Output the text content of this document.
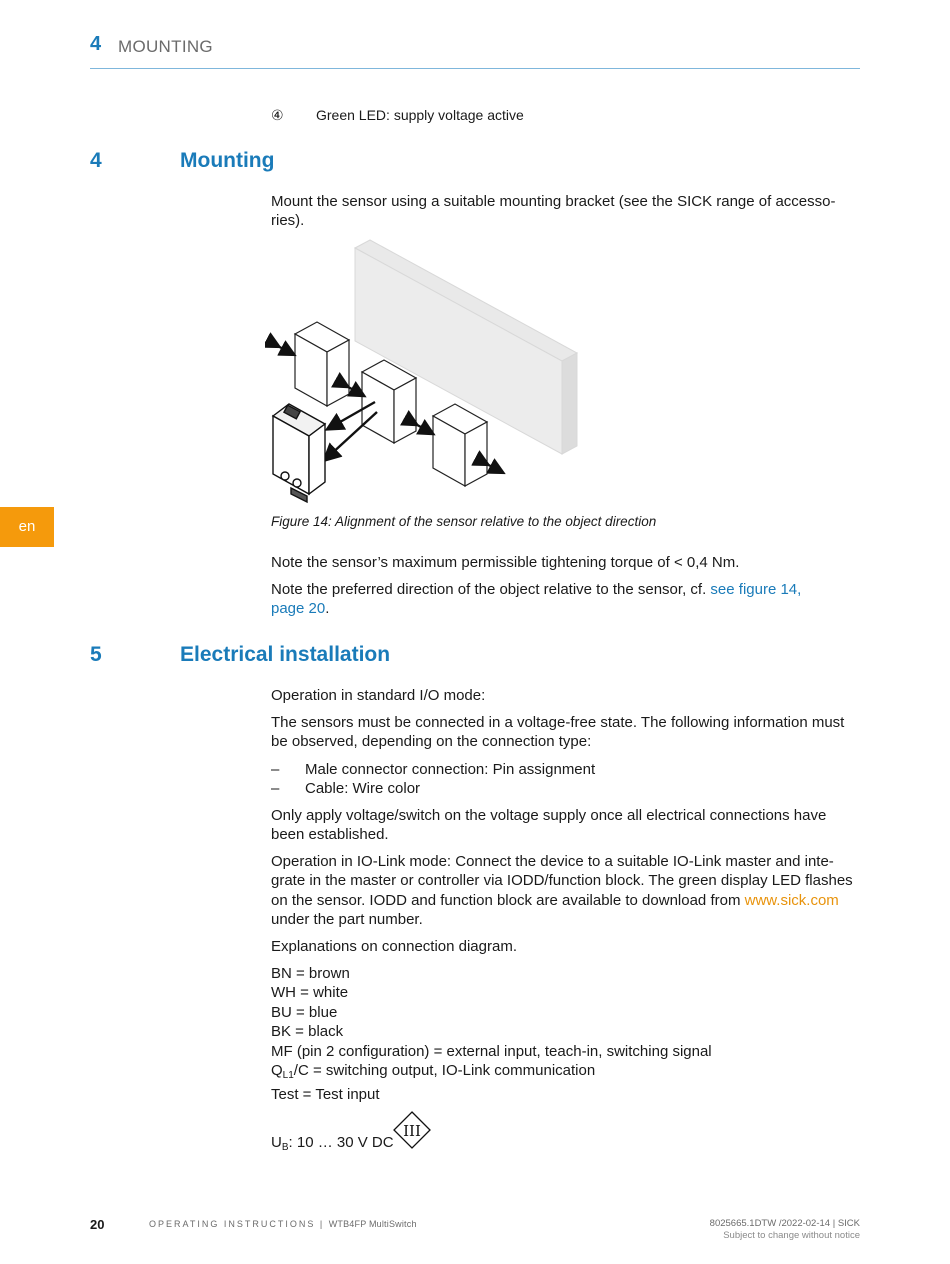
4 MOUNTING
④ Green LED: supply voltage active
4	Mounting
Mount the sensor using a suitable mounting bracket (see the SICK range of accesso-
ries).
Figure 14: Alignment of the sensor relative to the object direction
Note the sensor’s maximum permissible tightening torque of < 0,4 Nm.
Note the preferred direction of the object relative to the sensor, cf. see figure 14,
page 20.
5	Electrical installation
Operation in standard I/O mode:
The sensors must be connected in a voltage-free state. The following information must
be observed, depending on the connection type:
–	Male connector connection: Pin assignment
–	Cable: Wire color
Only apply voltage/switch on the voltage supply once all electrical connections have
been established.
Operation in IO-Link mode: Connect the device to a suitable IO-Link master and inte-
grate in the master or controller via IODD/function block. The green display LED flashes
on the sensor. IODD and function block are available to download from www.sick.com
under the part number.
Explanations on connection diagram.
BN = brown
WH = white
BU = blue
BK = black
MF (pin 2 configuration) = external input, teach-in, switching signal
$Q_{L1}/C$ = switching output, IO-Link communication
Test = Test input
$U_B$: 10 … 30 V DC
III
en
20	OPERATING INSTRUCTIONS | WTB4FP MultiSwitch	8025665.1DTW /2022-02-14 | SICK
Subject to change without notice
